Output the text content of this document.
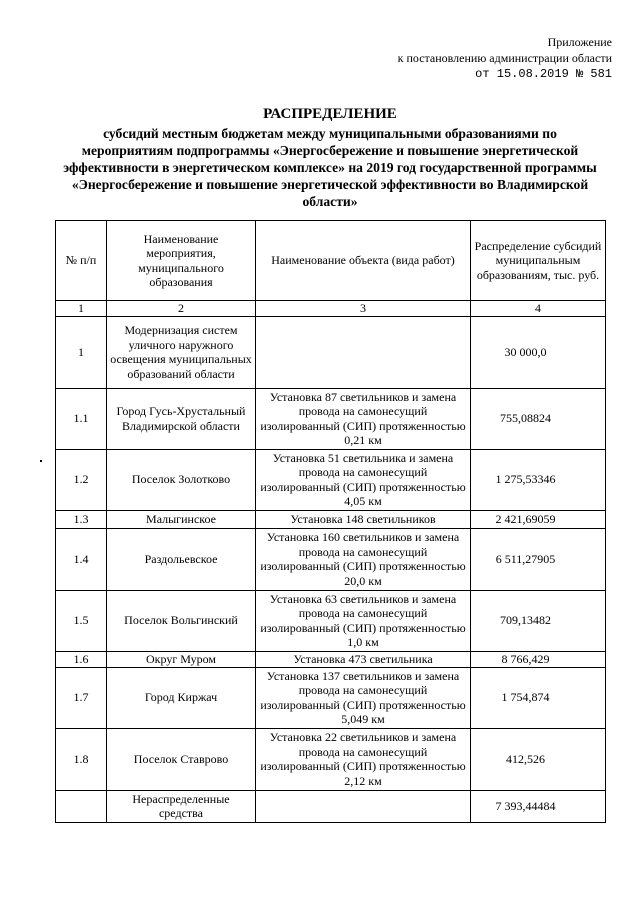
Приложение
к постановлению администрации области
от 15.08.2019 № 581
РАСПРЕДЕЛЕНИЕ
субсидий местным бюджетам между муниципальными образованиями по мероприятиям подпрограммы «Энергосбережение и повышение энергетической эффективности в энергетическом комплексе» на 2019 год государственной программы «Энергосбережение и повышение энергетической эффективности во Владимирской области»
№ п/п	Наименование мероприятия, муниципального образования	Наименование объекта (вида работ)	Распределение субсидий муниципальным образованиям, тыс. руб.
1	2	3	4
1	Модернизация систем уличного наружного освещения муниципальных образований области		30 000,0
1.1	Город Гусь-Хрустальный Владимирской области	Установка 87 светильников и замена провода на самонесущий изолированный (СИП) протяженностью 0,21 км	755,08824
1.2	Поселок Золотково	Установка 51 светильника и замена провода на самонесущий изолированный (СИП) протяженностью 4,05 км	1 275,53346
1.3	Малыгинское	Установка 148 светильников	2 421,69059
1.4	Раздольевское	Установка 160 светильников и замена провода на самонесущий изолированный (СИП) протяженностью 20,0 км	6 511,27905
1.5	Поселок Вольгинский	Установка 63 светильников и замена провода на самонесущий изолированный (СИП) протяженностью 1,0 км	709,13482
1.6	Округ Муром	Установка 473 светильника	8 766,429
1.7	Город Киржач	Установка 137 светильников и замена провода на самонесущий изолированный (СИП) протяженностью 5,049 км	1 754,874
1.8	Поселок Ставрово	Установка 22 светильников и замена провода на самонесущий изолированный (СИП) протяженностью 2,12 км	412,526
	Нераспределенные средства		7 393,44484
